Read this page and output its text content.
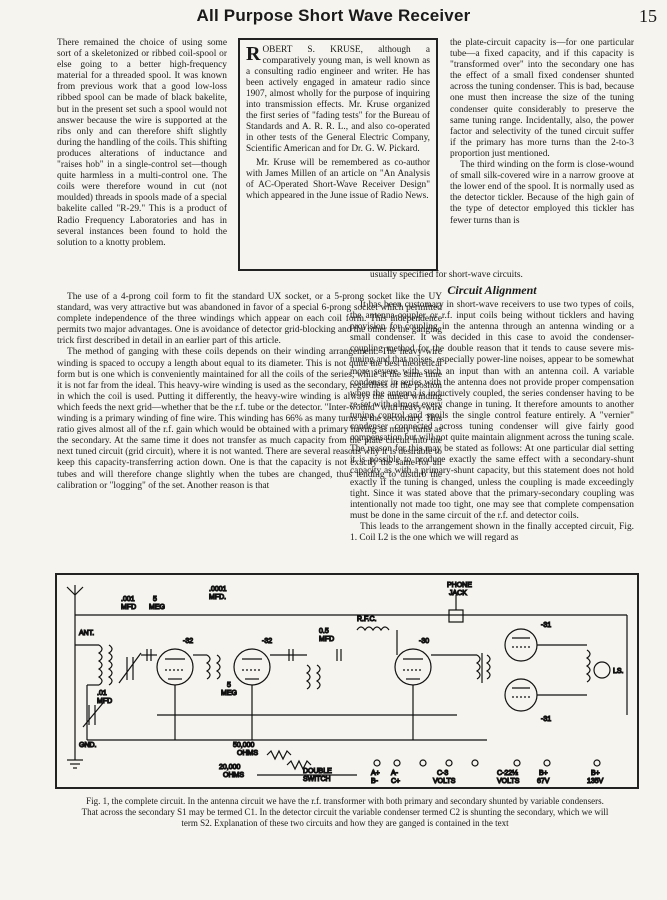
All Purpose Short Wave Receiver	15

There remained the choice of using some sort of a skeletonized or ribbed coil-spool or else going to a better high-frequency material for a threaded spool. It was known from previous work that a good low-loss ribbed spool can be made of black bakelite, but in the present set such a spool would not answer because the wire is supported at the ribs only and can therefore shift slightly during the handling of the coils. This shifting produces alterations of inductance and "raises hob" in a single-control set—though quite harmless in a multi-control one. The coils were therefore wound in cut (not moulded) threads in spools made of a special bakelite called "R-29." This is a product of Radio Frequency Laboratories and has in several instances been found to hold the solution to a knotty problem.

ROBERT S. KRUSE, although a comparatively young man, is well known as a consulting radio engineer and writer. He has been actively engaged in amateur radio since 1907, almost wholly for the purpose of inquiring into transmission effects. Mr. Kruse organized the first series of "fading tests" for the Bureau of Standards and A. R. R. L., and also co-operated in other tests of the General Electric Company, Scientific American and for Dr. G. W. Pickard.

Mr. Kruse will be remembered as co-author with James Millen of an article on "An Analysis of AC-Operated Short-Wave Receiver Design" which appeared in the June issue of Radio News.

the plate-circuit capacity is—for one particular tube—a fixed capacity, and if this capacity is "transformed over" into the secondary one has the effect of a small fixed condenser shunted across the tuning condenser. This is bad, because one must then increase the size of the tuning condenser quite considerably to preserve the same tuning range. Incidentally, also, the power factor and selectivity of the tuned circuit suffer if the primary has more turns than the 2-to-3 proportion just mentioned.

The third winding on the form is close-wound of small silk-covered wire in a narrow groove at the lower end of the spool. It is normally used as the detector tickler. Because of the high gain of the type of detector employed this tickler has fewer turns than is

usually specified for short-wave circuits.

The use of a 4-prong coil form to fit the standard UX socket, or a 5-prong socket like the UY standard, was very attractive but was abandoned in favor of a special 6-prong socket which permitted complete independence of the three windings which appear on each coil form. This independence permits two major advantages. One is avoidance of detector grid-blocking and the other is the ganging trick first described in detail in an earlier part of this article.

The method of ganging with these coils depends on their winding arrangement. The heavy-wire winding is spaced to occupy a length about equal to its diameter. This is not quite the best theoretical form but is one which is conveniently maintained for all the coils of the series, while at the same time it is not far from the ideal. This heavy-wire winding is used as the secondary, regardless of the positon in which the coil is used. Putting it differently, the heavy-wire winding is always the tuned winding which feeds the next grid—whether that be the r.f. tube or the detector. "Inter-wound" with heavy-wire winding is a primary winding of fine wire. This winding has 66% as many turns as the secondary. This ratio gives almost all of the r.f. gain which would be obtained with a primary having as many turns as the secondary. At the same time it does not transfer as much capacity from the plate circuit into the next tuned circuit (grid circuit), where it is not wanted. There are several reasons why it is desirable to keep this capacity-transferring action down. One is that the capacity is not exactly the same for all tubes and will therefore change slightly when the tubes are changed, thus tending to disturb the calibration or "logging" of the set. Another reason is that

Circuit Alignment

It has been customary in short-wave receivers to use two types of coils, the antenna-coupler or r.f. input coils being without ticklers and having provision for coupling in the antenna through an antenna winding or a small condenser. It was decided in this case to avoid the condenser-coupling method for the double reason that it tends to cause severe mis-tuning and that noises, especially power-line noises, appear to be somewhat more severe with such an input than with an antenna coil. A variable condenser in series with the antenna does not provide proper compensation when the antenna is inductively coupled, the series condenser having to be re-set with almost every change in tuning. It therefore amounts to another tuning control and spoils the single control feature entirely. A "vernier" condenser connected across tuning condenser will give fairly good compensation but will not quite maintain alignment across the tuning scale. The reason for this may be stated as follows: At one particular dial setting it is possible to produce exactly the same effect with a secondary-shunt capacity as with a primary-shunt capacity, but this statement does not hold exactly if the tuning is changed, unless the coupling is made exceedingly tight. Since it was stated above that the primary-secondary coupling was intentionally not made too tight, one may see that complete compensation must be done in the same circuit of the r.f. and detector coils.

This leads to the arrangement shown in the finally accepted circuit, Fig. 1. Coil L2 is the one which we will regard as

ANT.
GND.
.001
MFD
5
MEG
-32
.0001
MFD.
-32
0.5
MFD
R.F.C.
-30
PHONE
JACK
-31
-31
LS.
.01
MFD
5
MEG
50,000
OHMS
20,000
OHMS
DOUBLE
SWITCH
A+
B-
A-
C+
C-3
VOLTS
C-22½
VOLTS
B+
67V
B+
135V
Fig. 1, the complete circuit. In the antenna circuit we have the r.f. transformer with both primary and secondary shunted by variable condensers. That across the secondary S1 may be termed C1. In the detector circuit the variable condenser termed C2 is shunting the secondary, which we will term S2. Explanation of these two circuits and how they are ganged is contained in the text
